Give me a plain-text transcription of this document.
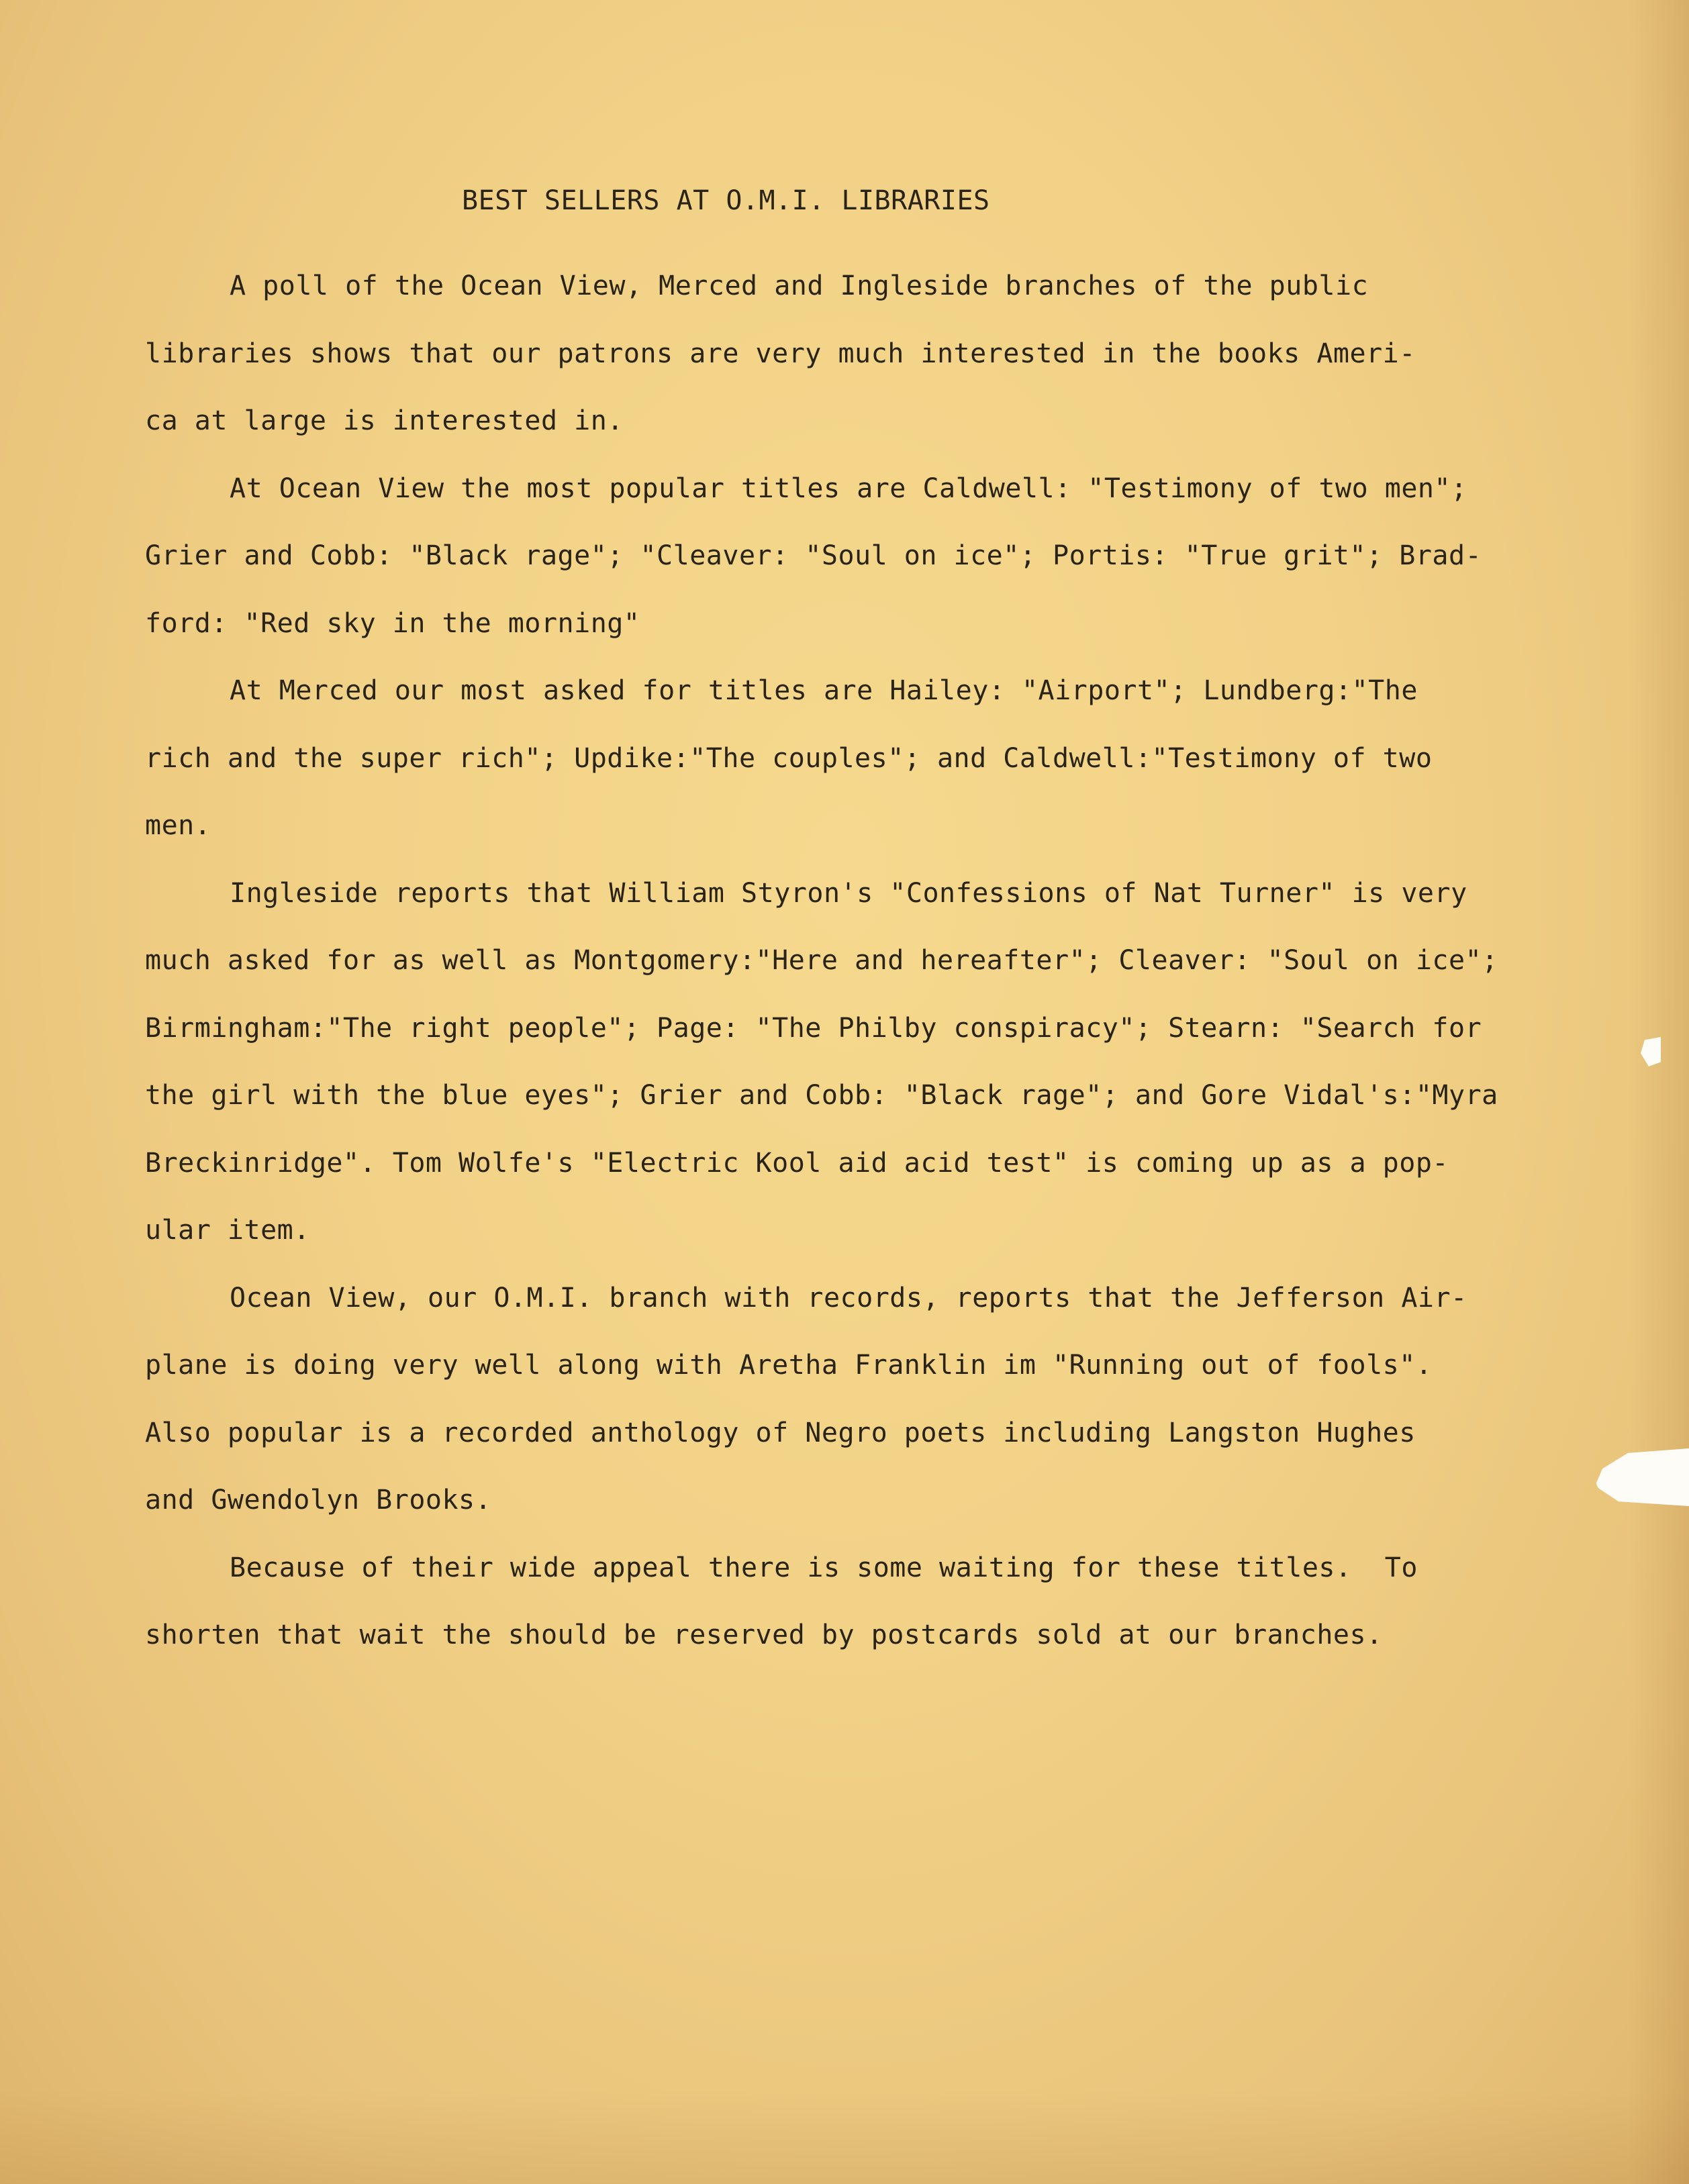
BEST SELLERS AT O.M.I. LIBRARIES
A poll of the Ocean View, Merced and Ingleside branches of the public
libraries shows that our patrons are very much interested in the books Ameri-
ca at large is interested in.
At Ocean View the most popular titles are Caldwell: "Testimony of two men";
Grier and Cobb: "Black rage"; "Cleaver: "Soul on ice"; Portis: "True grit"; Brad-
ford: "Red sky in the morning"
At Merced our most asked for titles are Hailey: "Airport"; Lundberg:"The
rich and the super rich"; Updike:"The couples"; and Caldwell:"Testimony of two
men.
Ingleside reports that William Styron's "Confessions of Nat Turner" is very
much asked for as well as Montgomery:"Here and hereafter"; Cleaver: "Soul on ice";
Birmingham:"The right people"; Page: "The Philby conspiracy"; Stearn: "Search for
the girl with the blue eyes"; Grier and Cobb: "Black rage"; and Gore Vidal's:"Myra
Breckinridge". Tom Wolfe's "Electric Kool aid acid test" is coming up as a pop-
ular item.
Ocean View, our O.M.I. branch with records, reports that the Jefferson Air-
plane is doing very well along with Aretha Franklin im "Running out of fools".
Also popular is a recorded anthology of Negro poets including Langston Hughes
and Gwendolyn Brooks.
Because of their wide appeal there is some waiting for these titles.  To
shorten that wait the should be reserved by postcards sold at our branches.
